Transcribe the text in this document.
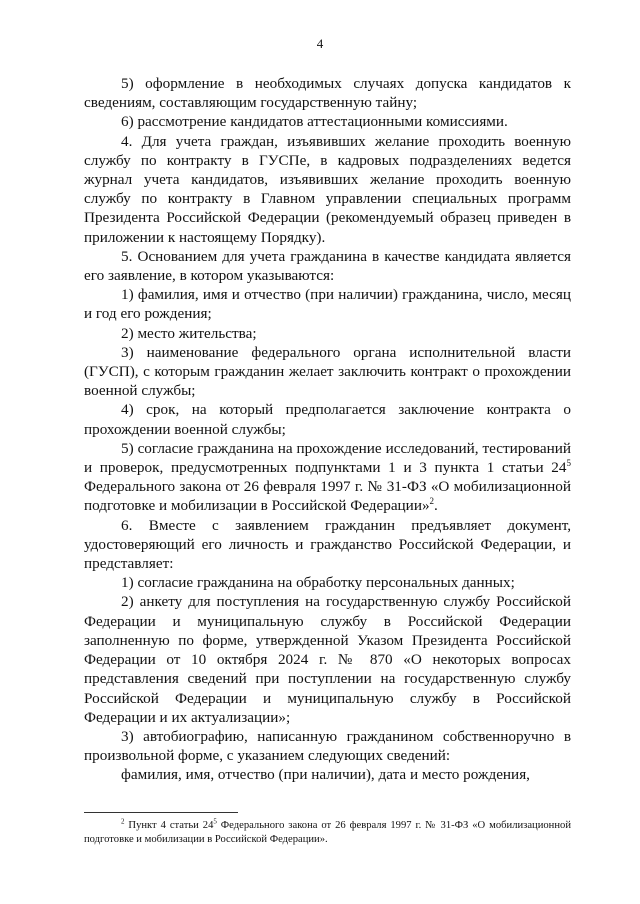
4

5) оформление в необходимых случаях допуска кандидатов к сведениям, составляющим государственную тайну;

6) рассмотрение кандидатов аттестационными комиссиями.

4. Для учета граждан, изъявивших желание проходить военную службу по контракту в ГУСПе, в кадровых подразделениях ведется журнал учета кандидатов, изъявивших желание проходить военную службу по контракту в Главном управлении специальных программ Президента Российской Федерации (рекомендуемый образец приведен в приложении к настоящему Порядку).

5. Основанием для учета гражданина в качестве кандидата является его заявление, в котором указываются:

1) фамилия, имя и отчество (при наличии) гражданина, число, месяц и год его рождения;

2) место жительства;

3) наименование федерального органа исполнительной власти (ГУСП), с которым гражданин желает заключить контракт о прохождении военной службы;

4) срок, на который предполагается заключение контракта о прохождении военной службы;

5) согласие гражданина на прохождение исследований, тестирований и проверок, предусмотренных подпунктами 1 и 3 пункта 1 статьи $24^5$ Федерального закона от 26 февраля 1997 г. № 31-ФЗ «О мобилизационной подготовке и мобилизации в Российской Федерации»$^2$.

6. Вместе с заявлением гражданин предъявляет документ, удостоверяющий его личность и гражданство Российской Федерации, и представляет:

1) согласие гражданина на обработку персональных данных;

2) анкету для поступления на государственную службу Российской Федерации и муниципальную службу в Российской Федерации заполненную по форме, утвержденной Указом Президента Российской Федерации от 10 октября 2024 г. № 870 «О некоторых вопросах представления сведений при поступлении на государственную службу Российской Федерации и муниципальную службу в Российской Федерации и их актуализации»;

3) автобиографию, написанную гражданином собственноручно в произвольной форме, с указанием следующих сведений:

фамилия, имя, отчество (при наличии), дата и место рождения,

$^2$ Пункт 4 статьи $24^5$ Федерального закона от 26 февраля 1997 г. № 31-ФЗ «О мобилизационной подготовке и мобилизации в Российской Федерации».
